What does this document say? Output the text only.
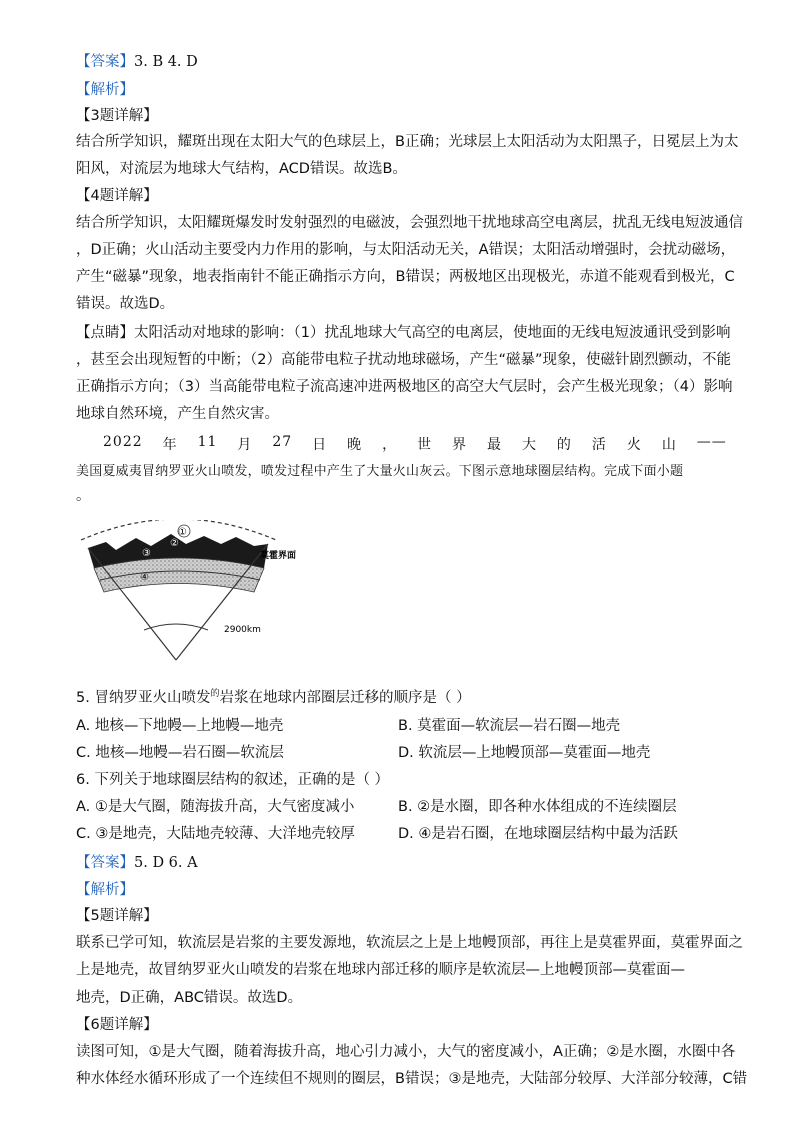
【答案】3. B 4. D
【解析】
【3题详解】
结合所学知识，耀斑出现在太阳大气的色球层上，B正确；光球层上太阳活动为太阳黑子，日冕层上为太
阳风，对流层为地球大气结构，ACD错误。故选B。
【4题详解】
结合所学知识，太阳耀斑爆发时发射强烈的电磁波，会强烈地干扰地球高空电离层，扰乱无线电短波通信
，D正确；火山活动主要受内力作用的影响，与太阳活动无关，A错误；太阳活动增强时，会扰动磁场，
产生“磁暴”现象，地表指南针不能正确指示方向，B错误；两极地区出现极光，赤道不能观看到极光，C
错误。故选D。
【点睛】太阳活动对地球的影响：（1）扰乱地球大气高空的电离层，使地面的无线电短波通讯受到影响
，甚至会出现短暂的中断；（2）高能带电粒子扰动地球磁场，产生“磁暴”现象，使磁针剧烈颤动，不能
正确指示方向；（3）当高能带电粒子流高速冲进两极地区的高空大气层时，会产生极光现象；（4）影响
地球自然环境，产生自然灾害。
2022 年 11 月 27 日 晚 ， 世 界 最 大 的 活 火 山 ——
美国夏威夷冒纳罗亚火山喷发，喷发过程中产生了大量火山灰云。下图示意地球圈层结构。完成下面小题
。
①
②
③
④
莫霍界面
2900km
5. 冒纳罗亚火山喷发$^的$岩浆在地球内部圈层迁移的顺序是（ ）
A. 地核—下地幔—上地幔—地壳	B. 莫霍面—软流层—岩石圈—地壳
C. 地核—地幔—岩石圈—软流层	D. 软流层—上地幔顶部—莫霍面—地壳
6. 下列关于地球圈层结构的叙述，正确的是（ ）
A. ①是大气圈，随海拔升高，大气密度减小	B. ②是水圈，即各种水体组成的不连续圈层
C. ③是地壳，大陆地壳较薄、大洋地壳较厚	D. ④是岩石圈，在地球圈层结构中最为活跃
【答案】5. D 6. A
【解析】
【5题详解】
联系已学可知，软流层是岩浆的主要发源地，软流层之上是上地幔顶部，再往上是莫霍界面，莫霍界面之
上是地壳，故冒纳罗亚火山喷发的岩浆在地球内部迁移的顺序是软流层—上地幔顶部—莫霍面—
地壳，D正确，ABC错误。故选D。
【6题详解】
读图可知，①是大气圈，随着海拔升高，地心引力减小，大气的密度减小，A正确；②是水圈，水圈中各
种水体经水循环形成了一个连续但不规则的圈层，B错误；③是地壳，大陆部分较厚、大洋部分较薄，C错
